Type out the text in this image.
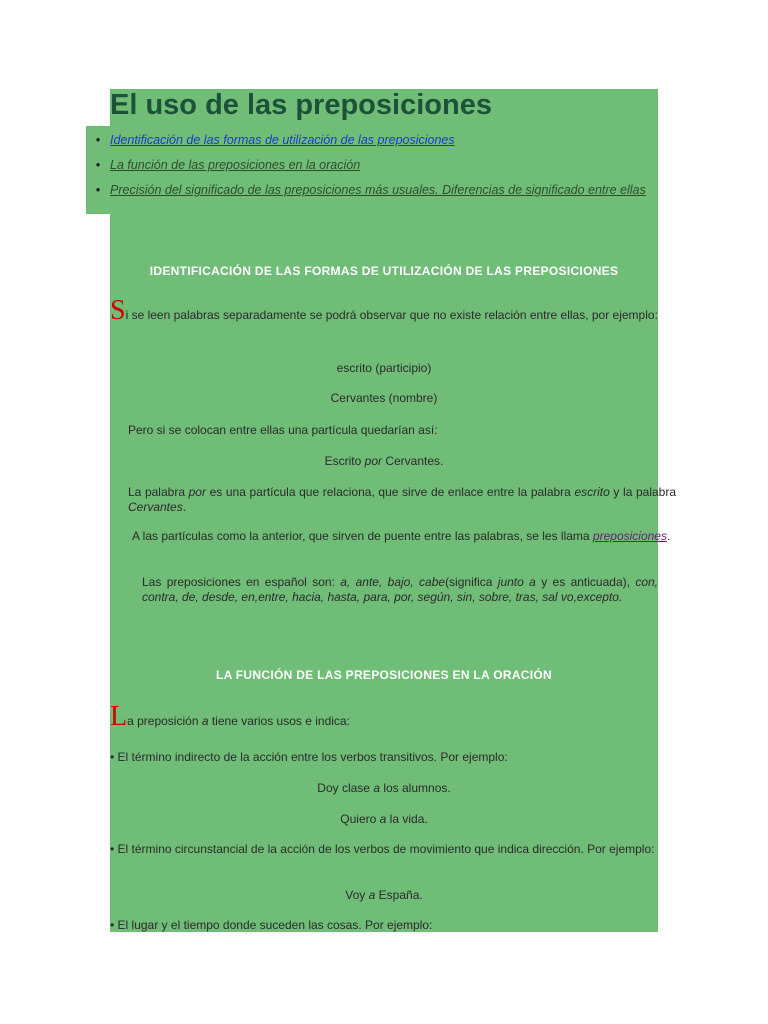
El uso de las preposiciones
• Identificación de las formas de utilización de las preposiciones
• La función de las preposiciones en la oración
• Precisión del significado de las preposiciones más usuales. Diferencias de significado entre ellas
IDENTIFICACIÓN DE LAS FORMAS DE UTILIZACIÓN DE LAS PREPOSICIONES
Si se leen palabras separadamente se podrá observar que no existe relación entre ellas, por ejemplo:
escrito (participio)
Cervantes (nombre)
Pero si se colocan entre ellas una partícula quedarían así:
Escrito por Cervantes.
La palabra por es una partícula que relaciona, que sirve de enlace entre la palabra escrito y la palabra Cervantes.
A las partículas como la anterior, que sirven de puente entre las palabras, se les llama preposiciones.
Las preposiciones en español son: a, ante, bajo, cabe(significa junto a y es anticuada), con, contra, de, desde, en,entre, hacia, hasta, para, por, según, sin, sobre, tras, sal vo,excepto.
LA FUNCIÓN DE LAS PREPOSICIONES EN LA ORACIÓN
La preposición a tiene varios usos e indica:
• El término indirecto de la acción entre los verbos transitivos. Por ejemplo:
Doy clase a los alumnos.
Quiero a la vida.
• El término circunstancial de la acción de los verbos de movimiento que indica dirección. Por ejemplo:
Voy a España.
• El lugar y el tiempo donde suceden las cosas. Por ejemplo:
